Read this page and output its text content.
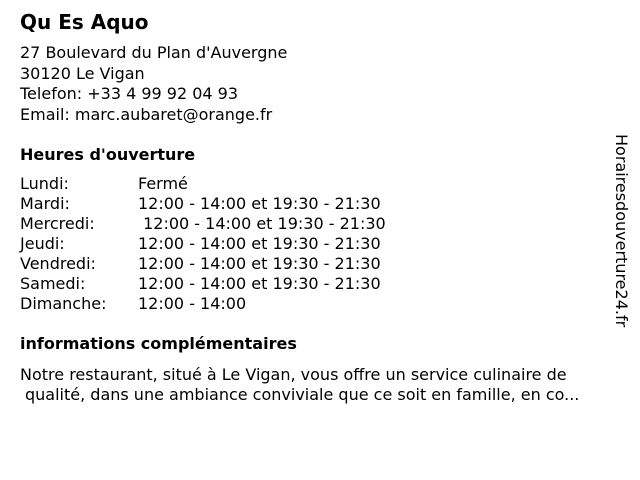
Qu Es Aquo
27 Boulevard du Plan d'Auvergne
30120 Le Vigan
Telefon: +33 4 99 92 04 93
Email: marc.aubaret@orange.fr
Heures d'ouverture
Lundi:	Fermé
Mardi:	12:00 - 14:00 et 19:30 - 21:30
Mercredi:	12:00 - 14:00 et 19:30 - 21:30
Jeudi:	12:00 - 14:00 et 19:30 - 21:30
Vendredi:	12:00 - 14:00 et 19:30 - 21:30
Samedi:	12:00 - 14:00 et 19:30 - 21:30
Dimanche: 12:00 - 14:00
informations complémentaires
Notre restaurant, situé à Le Vigan, vous offre un service culinaire de
qualité, dans une ambiance conviviale que ce soit en famille, en co...
Horairesdouverture24.fr
